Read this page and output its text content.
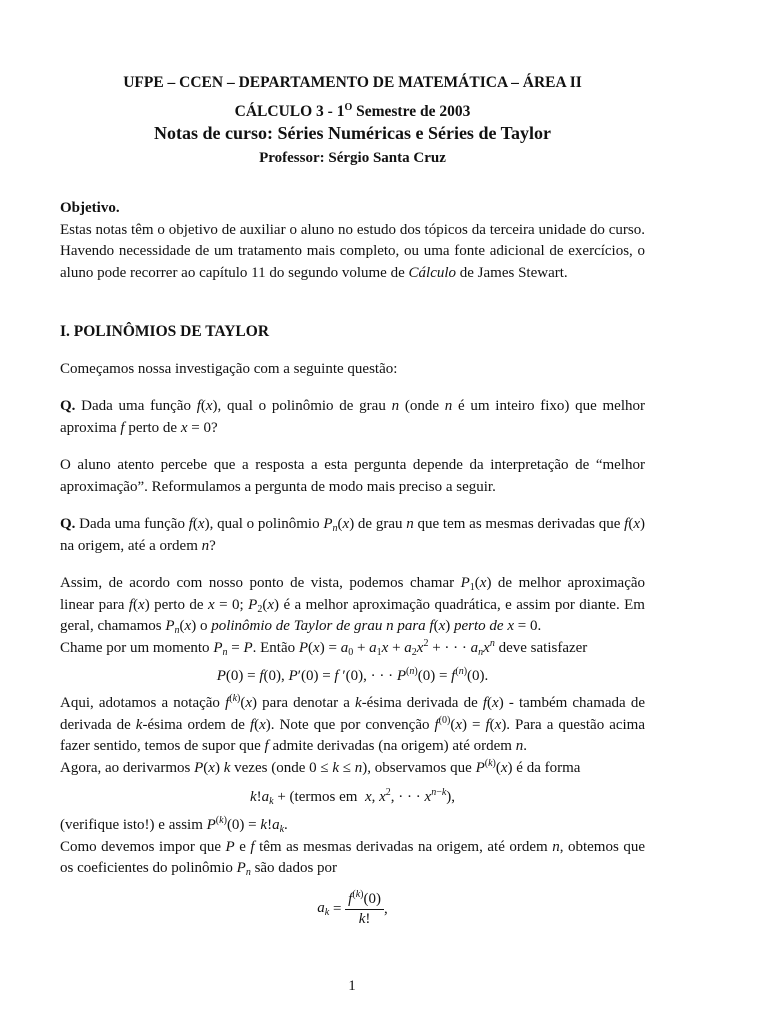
UFPE – CCEN – DEPARTAMENTO DE MATEMÁTICA – ÁREA II
CÁLCULO $3 - 1^O$ Semestre de 2003
Notas de curso: Séries Numéricas e Séries de Taylor
Professor: Sérgio Santa Cruz
Objetivo.

Estas notas têm o objetivo de auxiliar o aluno no estudo dos tópicos da terceira unidade do curso. Havendo necessidade de um tratamento mais completo, ou uma fonte adicional de exercícios, o aluno pode recorrer ao capítulo 11 do segundo volume de Cálculo de James Stewart.

I. POLINÔMIOS DE TAYLOR

Começamos nossa investigação com a seguinte questão:

Q. Dada uma função f(x), qual o polinômio de grau n (onde n é um inteiro fixo) que melhor aproxima f perto de x = 0?

O aluno atento percebe que a resposta a esta pergunta depende da interpretação de “melhor aproximação”. Reformulamos a pergunta de modo mais preciso a seguir.

Q. Dada uma função f(x), qual o polinômio $P_n(x)$ de grau n que tem as mesmas derivadas que f(x) na origem, até a ordem n?

Assim, de acordo com nosso ponto de vista, podemos chamar $P_1(x)$ de melhor aproximação linear para f(x) perto de x = 0; $P_2(x)$ é a melhor aproximação quadrática, e assim por diante. Em geral, chamamos $P_n(x)$ o polinômio de Taylor de grau n para f(x) perto de x = 0.

Chame por um momento $P_n = P$. Então $P(x) = a_0 + a_1x + a_2x^2$ + · · · $a_nx^n$ deve satisfazer

P(0) = f(0), P′(0) = f ′(0), · · · $P^{(n)}(0) = f^{(n)}(0)$.

Aqui, adotamos a notação $f^{(k)}(x)$ para denotar a k-ésima derivada de f(x) - também chamada de derivada de k-ésima ordem de f(x). Note que por convenção $f^{(0)}(x) = f(x)$. Para a questão acima fazer sentido, temos de supor que f admite derivadas (na origem) até ordem n.

Agora, ao derivarmos P(x) k vezes (onde 0 ≤ k ≤ n), observamos que $P^{(k)}(x)$ é da forma

$k!a_k$ + (termos em  x, $x^2$, · · · $x^{n-k}$),

(verifique isto!) e assim $P^{(k)}(0) = k!a_k$.

Como devemos impor que P e f têm as mesmas derivadas na origem, até ordem n, obtemos que os coeficientes do polinômio $P_n$ são dados por

$a_k = \frac{f^{(k)}(0)}{k!}$ ,
1
